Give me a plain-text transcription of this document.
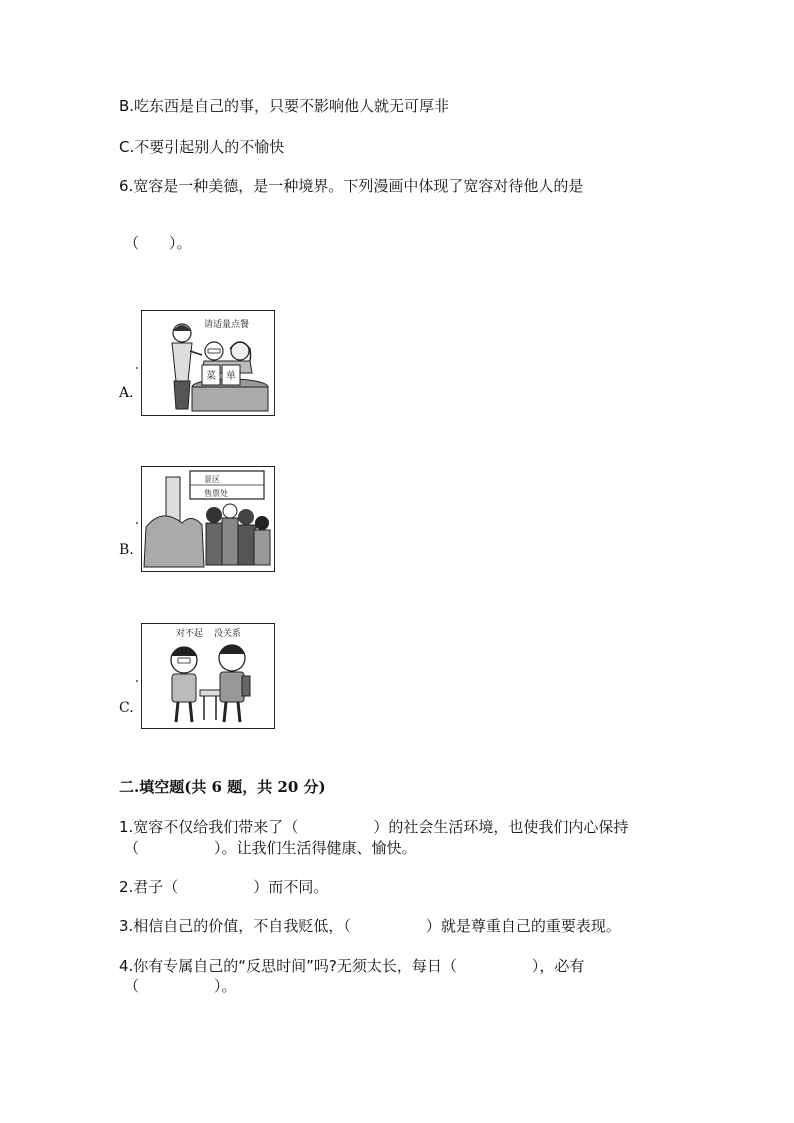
B.吃东西是自己的事，只要不影响他人就无可厚非
C.不要引起别人的不愉快
6.宽容是一种美德，是一种境界。下列漫画中体现了宽容对待他人的是
（　　）。
A.
请适量点餐
菜 单
B.
景区
售票处
C.
对不起 没关系
二.填空题(共 6 题，共 20 分)
1.宽容不仅给我们带来了（　　　　　）的社会生活环境，也使我们内心保持
（　　　　　）。让我们生活得健康、愉快。
2.君子（　　　　　）而不同。
3.相信自己的价值，不自我贬低，（　　　　　）就是尊重自己的重要表现。
4.你有专属自己的“反思时间”吗?无须太长，每日（　　　　　），必有
（　　　　　）。
